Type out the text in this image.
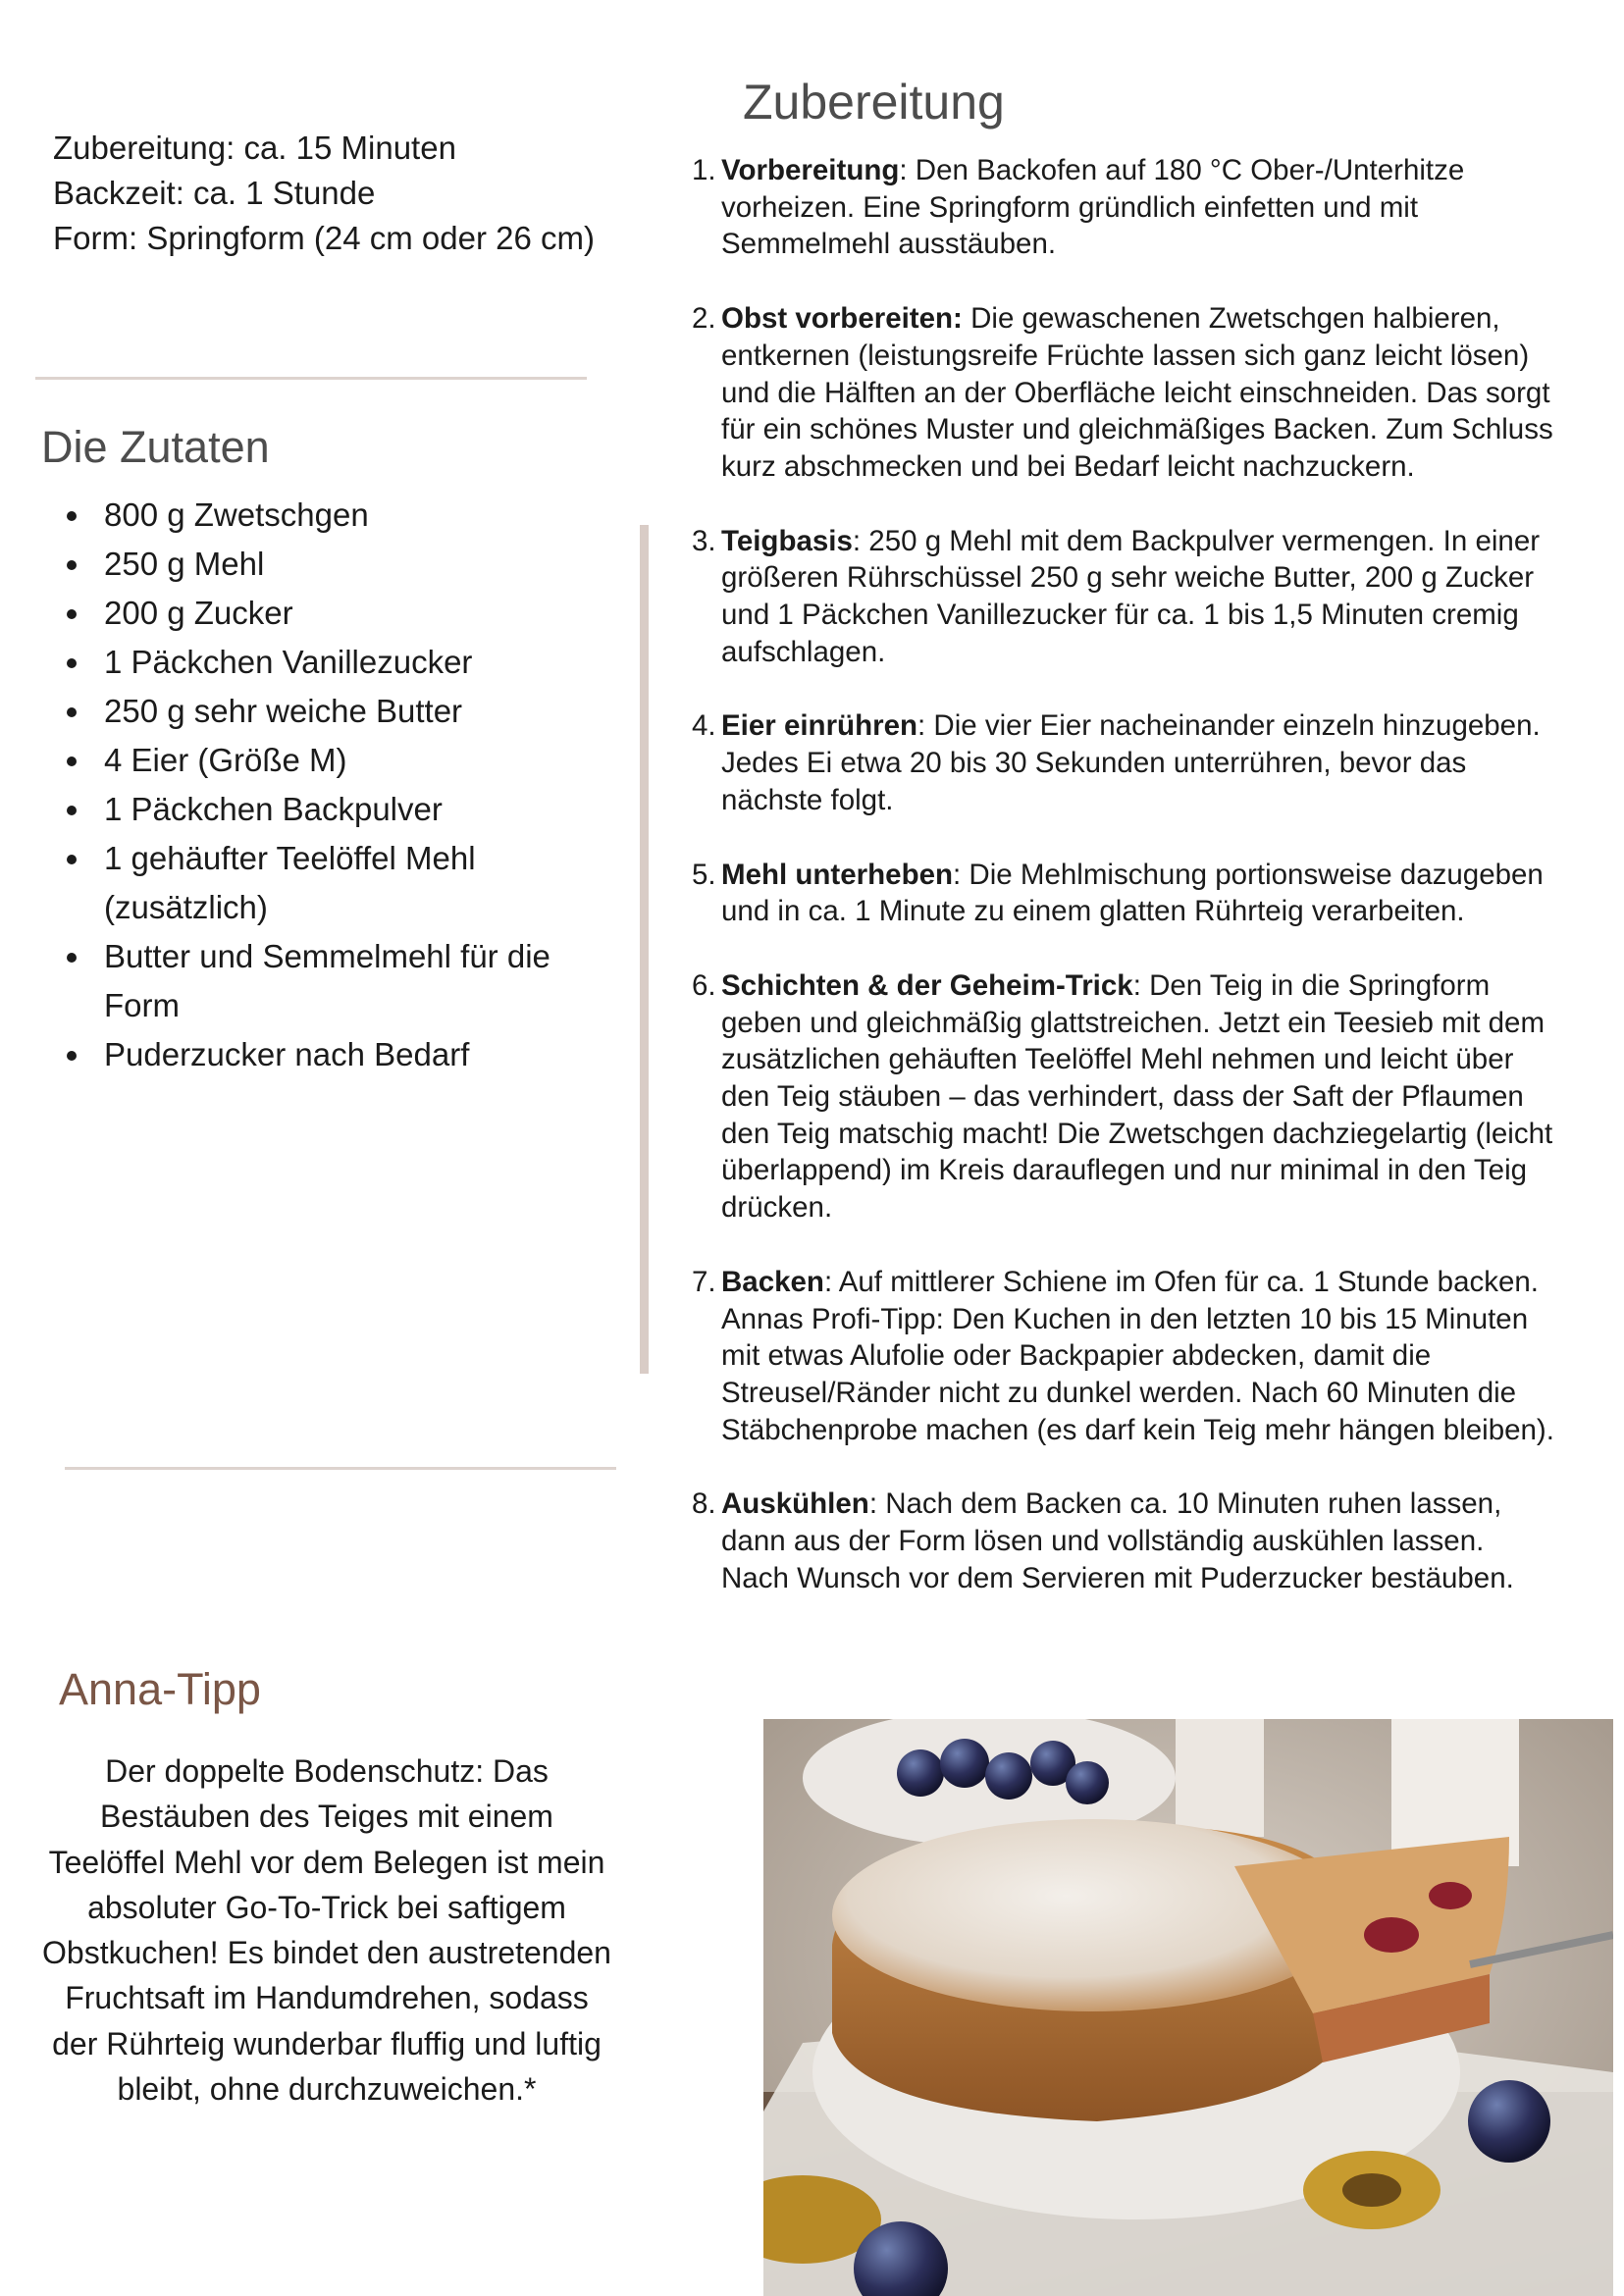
Zubereitung: ca. 15 Minuten
Backzeit: ca. 1 Stunde
Form: Springform (24 cm oder 26 cm)
Die Zutaten
800 g Zwetschgen
250 g Mehl
200 g Zucker
1 Päckchen Vanillezucker
250 g sehr weiche Butter
4 Eier (Größe M)
1 Päckchen Backpulver
1 gehäufter Teelöffel Mehl (zusätzlich)
Butter und Semmelmehl für die Form
Puderzucker nach Bedarf
Anna-Tipp

Der doppelte Bodenschutz: Das Bestäuben des Teiges mit einem Teelöffel Mehl vor dem Belegen ist mein absoluter Go-To-Trick bei saftigem Obstkuchen! Es bindet den austretenden Fruchtsaft im Handumdrehen, sodass der Rührteig wunderbar fluffig und luftig bleibt, ohne durchzuweichen.*

Zubereitung
1. Vorbereitung: Den Backofen auf 180 °C Ober-/Unterhitze vorheizen. Eine Springform gründlich einfetten und mit Semmelmehl ausstäuben.
2. Obst vorbereiten: Die gewaschenen Zwetschgen halbieren, entkernen (leistungsreife Früchte lassen sich ganz leicht lösen) und die Hälften an der Oberfläche leicht einschneiden. Das sorgt für ein schönes Muster und gleichmäßiges Backen. Zum Schluss kurz abschmecken und bei Bedarf leicht nachzuckern.
3. Teigbasis: 250 g Mehl mit dem Backpulver vermengen. In einer größeren Rührschüssel 250 g sehr weiche Butter, 200 g Zucker und 1 Päckchen Vanillezucker für ca. 1 bis 1,5 Minuten cremig aufschlagen.
4. Eier einrühren: Die vier Eier nacheinander einzeln hinzugeben. Jedes Ei etwa 20 bis 30 Sekunden unterrühren, bevor das nächste folgt.
5. Mehl unterheben: Die Mehlmischung portionsweise dazugeben und in ca. 1 Minute zu einem glatten Rührteig verarbeiten.
6. Schichten & der Geheim-Trick: Den Teig in die Springform geben und gleichmäßig glattstreichen. Jetzt ein Teesieb mit dem zusätzlichen gehäuften Teelöffel Mehl nehmen und leicht über den Teig stäuben – das verhindert, dass der Saft der Pflaumen den Teig matschig macht! Die Zwetschgen dachziegelartig (leicht überlappend) im Kreis darauflegen und nur minimal in den Teig drücken.
7. Backen: Auf mittlerer Schiene im Ofen für ca. 1 Stunde backen. Annas Profi-Tipp: Den Kuchen in den letzten 10 bis 15 Minuten mit etwas Alufolie oder Backpapier abdecken, damit die Streusel/Ränder nicht zu dunkel werden. Nach 60 Minuten die Stäbchenprobe machen (es darf kein Teig mehr hängen bleiben).
8. Auskühlen: Nach dem Backen ca. 10 Minuten ruhen lassen, dann aus der Form lösen und vollständig auskühlen lassen. Nach Wunsch vor dem Servieren mit Puderzucker bestäuben.
